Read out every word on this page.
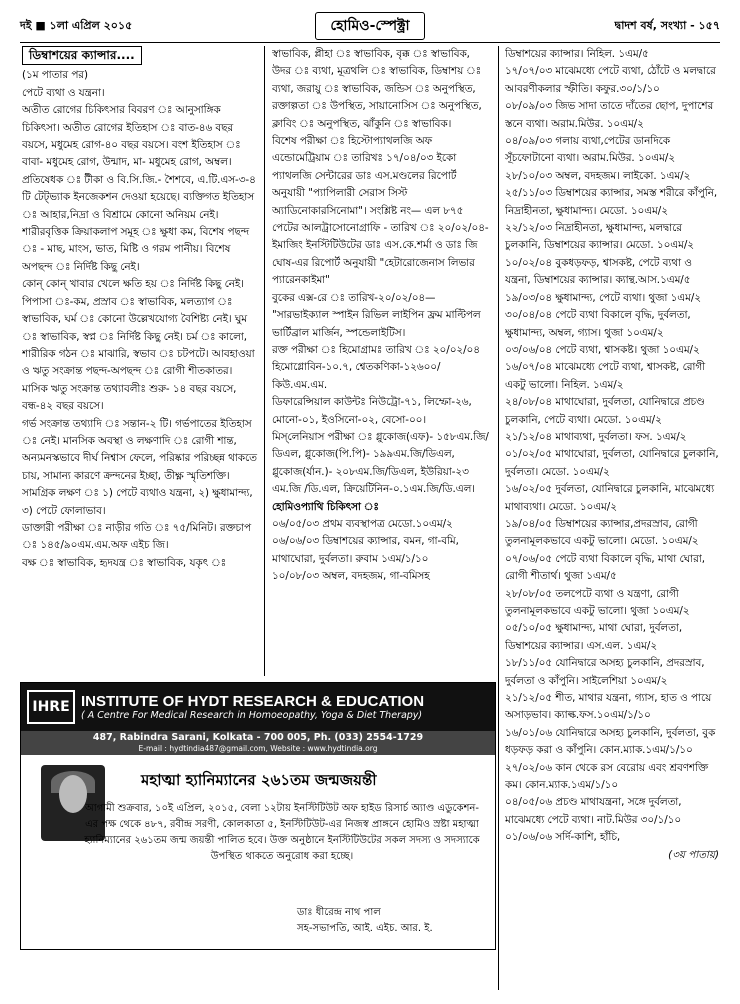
দই ■ ১লা এপ্রিল ২০১৫	হোমিও-স্পেক্ট্রা	দ্বাদশ বর্ষ, সংখ্যা - ১৫৭
ডিম্বাশয়ের ক্যান্সার....

(১ম পাতার পর)

পেটে ব্যথা ও যন্ত্রনা।

অতীত রোগের চিকিৎসার বিবরণ ঃ আনুসাঙ্গিক চিকিৎসা। অতীত রোগের ইতিহাস ঃ বাত-৪৬ বছর বয়সে, মধুমেহ রোগ-৪০ বছর বয়সে। বংশ ইতিহাস ঃ বাবা- মধুমেহ রোগ, উন্মাদ, মা- মধুমেহ রোগ, অম্বল। প্রতিষেধক ঃ টীকা ও বি.সি.জি.- শৈশবে, এ.টি.এস-৩-৪ টি টেট্ভ্যাক ইনজেকশন দেওয়া হয়েছে। ব্যক্তিগত ইতিহাস ঃ আহার,নিদ্রা ও বিশ্রামে কোনো অনিয়ম নেই। শারীরবৃত্তিক ক্রিয়াকলাপ সমূহ ঃ ক্ষুধা কম, বিশেষ পছন্দ ঃ - মাছ, মাংস, ভাত, মিষ্টি ও গরম পানীয়। বিশেষ অপছন্দ ঃ নির্দিষ্ট কিছু নেই।

কোন্ কোন্ খাবার খেলে ক্ষতি হয় ঃ নির্দিষ্ট কিছু নেই। পিপাসা ঃ-কম, প্রস্রাব ঃ স্বাভাবিক, মলত্যাগ ঃ স্বাভাবিক, ঘর্ম ঃ কোনো উল্লেখযোগ্য বৈশিষ্ট্য নেই। ঘুম ঃ স্বাভাবিক, স্বপ্ন ঃ নির্দিষ্ট কিছু নেই। চর্ম ঃ কালো, শারীরিক গঠন ঃ মাঝারি, স্বভাব ঃ চটপটে। আবহাওয়া ও ঋতু সংক্রান্ত পছন্দ-অপছন্দ ঃ রোগী শীতকাতর। মাসিক ঋতু সংক্রান্ত তথ্যাবলীঃ শুরু- ১৪ বছর বয়সে, বন্ধ-৪২ বছর বয়সে।

গর্ভ সংক্রান্ত তথ্যাদি ঃ সন্তান-২ টি। গর্ভপাতের ইতিহাস ঃ নেই। মানসিক অবস্থা ও লক্ষণাদি ঃ রোগী শান্ত, অন্যমনস্কভাবে দীর্ঘ নিশ্বাস ফেলে, পরিষ্কার পরিচ্ছন্ন থাকতে চায়, সামান্য কারণে ক্রন্দনের ইচ্ছা, তীক্ষ্ণ স্মৃতিশক্তি।

সামগ্রিক লক্ষণ ঃ ১) পেটে ব্যথাও যন্ত্রনা, ২) ক্ষুধামান্দ্য, ৩) পেটে ফোলাভাব।

ডাক্তারী পরীক্ষা ঃ নাড়ীর গতি ঃ ৭৫/মিনিট। রক্তচাপ ঃ ১৪৫/৯০এম.এম.অফ এইচ জি।

বক্ষ ঃ স্বাভাবিক, হৃদযন্ত্র ঃ স্বাভাবিক, যকৃৎ ঃ

স্বাভাবিক, প্লীহা ঃ স্বাভাবিক, বৃক্ক ঃ স্বাভাবিক, উদর ঃ ব্যথা, মূত্রথলি ঃ স্বাভাবিক, ডিম্বাশয় ঃ ব্যথা, জরায়ু ঃ স্বাভাবিক, জন্ডিস ঃ অনুপস্থিত, রক্তাল্পতা ঃ উপস্থিত, সায়ানোসিস ঃ অনুপস্থিত, ক্লাবিং ঃ অনুপস্থিত, ঝাঁকুনি ঃ স্বাভাবিক।

বিশেষ পরীক্ষা ঃ হিস্টোপ্যাথলজি অফ এন্ডোমেট্রিয়াম ঃ তারিখঃ ১৭/০৪/০৩ ইকো প্যাথলজি সেন্টারের ডাঃ এস.মণ্ডলের রিপোর্ট অনুযায়ী "প্যাপিলারী সেরাস সিস্ট অ্যাডিনোকারসিনোমা"। সংশ্লিষ্ট নং— এল ৮৭৫

পেটের আলট্রাসোনোগ্রাফি - তারিখ ঃ ২০/০২/০৪- ইমাজিং ইনস্টিটিউটের ডাঃ এস.কে.শর্মা ও ডাঃ জি ঘোষ-এর রিপোর্ট অনুযায়ী "হেটারোজেনাস লিভার প্যারেনকাইমা"

বুকের এক্স-রে ঃ তারিখ-২০/০২/০৪— "সারভাইক্যাল স্পাইন রিভিল লাইপিন ফ্রম মাল্টিপল ভার্টিব্রাল মার্জিন, স্পন্ডেলাইটিস।

রক্ত পরীক্ষা ঃ হিমোগ্রামঃ তারিখ ঃ ২০/০২/০৪ হিমোগ্লোবিন-১০.৭, শ্বেতকণিকা-১২৬০০/ কিউ.এম.এম.

ডিফারেন্সিয়াল কাউন্টঃ নিউট্রো-৭১, লিম্ফো-২৬, মোনো-০১, ইওসিনো-০২, বেসো-০০।

মিস্‌লেনিয়াস পরীক্ষা ঃ গ্লুকোজ(এফ)- ১৫৮এম.জি/ডিএল, গ্লুকোজ(পি.পি)- ১৯৯এম.জি/ডিএল, গ্লুকোজ(র্যান.)- ২০৮এম.জি/ডিএল, ইউরিয়া-২৩ এম.জি /ডি.এল, ক্রিয়েটিনিন-০.১এম.জি/ডি.এল।

হোমিওপ্যাথি চিকিৎসা ঃ

০৬/০৫/০৩ প্রথম ব্যবস্থাপত্র মেডো.১০এম/২

০৬/০৬/০৩ ডিম্বাশয়ের ক্যান্সার, বমন, গা-বমি, মাথাঘোরা, দুর্বলতা। রুবাম ১এম/১/১০

১০/০৮/০৩ অম্বল, বদহজম, গা-বমিসহ

ডিম্বাশয়ের ক্যান্সার। নিহিল. ১এম/৫

১৭/০৭/০৩ মাঝেমধ্যে পেটে ব্যথা, ঠোঁটে ও মলদ্বারে আবরণীকলার স্ফীতি। কফুর.৩০/১/১০

০৮/০৯/০৩ জিভ সাদা তাতে দাঁতের ছোপ, দুপাশের স্তনে ব্যথা। অরাম.মিউর. ১০এম/২

০৪/০৯/০৩ গলায় ব্যথা,পেটের ডানদিকে সূঁচফোটানো ব্যথা। অরাম.মিউর. ১০এম/২

২৮/১০/০৩ অম্বল, বদহজম। লাইকো. ১এম/২

২৫/১১/০৩ ডিম্বাশয়ের ক্যান্সার, সমস্ত শরীরে কাঁপুনি, নিদ্রাহীনতা, ক্ষুধামান্দ্য। মেডো. ১০এম/২

২২/১২/০৩ নিদ্রাহীনতা, ক্ষুধামান্দ্য, মলদ্বারে চুলকানি, ডিম্বাশয়ের ক্যান্সার। মেডো. ১০এম/২

১০/০২/০৪ বুকধড়ফড়, শ্বাসকষ্ট, পেটে ব্যথা ও যন্ত্রনা, ডিম্বাশয়ের ক্যান্সার। ক্যান্থ.আস.১এম/৫

১৯/০৩/০৪ ক্ষুধামান্দ্য, পেটে ব্যথা। থুজা ১এম/২

৩০/০৪/০৪ পেটে ব্যথা বিকালে বৃদ্ধি, দুর্বলতা, ক্ষুধামান্দ্য, অম্বল, গ্যাস। থুজা ১০এম/২

০৩/০৬/০৪ পেটে ব্যথা, শ্বাসকষ্ট। থুজা ১০এম/২

১৬/০৭/০৪ মাঝেমধ্যে পেটে ব্যথা, শ্বাসকষ্ট, রোগী একটু ভালো। নিহিল. ১এম/২

২৪/০৮/০৪ মাথাঘোরা, দুর্বলতা, যোনিদ্বারে প্রচণ্ড চুলকানি, পেটে ব্যথা। মেডো. ১০এম/২

২১/১২/০৪ মাথাব্যথা, দুর্বলতা। ফস. ১এম/২

০১/০২/০৫ মাথাঘোরা, দুর্বলতা, যোনিদ্বারে চুলকানি, দুর্বলতা। মেডো. ১০এম/২

১৬/০২/০৫ দুর্বলতা, যোনিদ্বারে চুলকানি, মাঝেমধ্যে মাথাব্যথা। মেডো. ১০এম/২

১৯/০৪/০৫ ডিম্বাশয়ের ক্যান্সার,প্রদরস্রাব, রোগী তুলনামূলকভাবে একটু ভালো। মেডো. ১০এম/২

০৭/০৬/০৫ পেটে ব্যথা বিকালে বৃদ্ধি, মাথা ঘোরা, রোগী শীতার্থ। থুজা ১এম/৫

২৮/০৮/০৫ তলপেটে ব্যথা ও যন্ত্রণা, রোগী তুলনামূলকভাবে একটু ভালো। থুজা ১০এম/২

০৫/১০/০৫ ক্ষুধামান্দ্য, মাথা ঘোরা, দুর্বলতা, ডিম্বাশয়ের ক্যান্সার। এস.এল. ১এম/২

১৮/১১/০৫ যোনিদ্বারে অসহ্য চুলকানি, প্রদরস্রাব, দুর্বলতা ও কাঁপুনি। সাইলেশিয়া ১০এম/২

২১/১২/০৫ শীত, মাথার যন্ত্রনা, গ্যাস, হাত ও পায়ে অসাড়ভাব। ক্যাল্ক.ফস.১০এম/১/১০

১৬/০১/০৬ যোনিদ্বারে অসহ্য চুলকানি, দুর্বলতা, বুক ধড়ফড় করা ও কাঁপুনি। কোন.ম্যাক.১এম/১/১০

২৭/০২/০৬ কান থেকে রস বেরোয় এবং শ্রবণশক্তি কম। কোন.ম্যাক.১এম/১/১০

০৪/০৫/০৬ প্রচণ্ড মাথাযন্ত্রনা, সঙ্গে দুর্বলতা, মাঝেমধ্যে পেটে ব্যথা। নাট.মিউর ৩০/১/১০

০১/০৬/০৬ সর্দি-কাশি, হাঁচি,

(৩য় পাতায়)

IHRE INSTITUTE OF HYDT RESEARCH & EDUCATION
( A Centre For Medical Research in Homoeopathy, Yoga & Diet Therapy)
487, Rabindra Sarani, Kolkata - 700 005, Ph. (033) 2554-1729
E-mail : hydtindia487@gmail.com, Website : www.hydtindia.org
মহাত্মা হ্যানিম্যানের ২৬১তম জন্মজয়ন্তী
আগামী শুক্রবার, ১০ই এপ্রিল, ২০১৫, বেলা ১২টায় ইনস্টিটিউট অফ হাইড রিসার্চ অ্যাণ্ড এডুকেশন-এর পক্ষ থেকে ৪৮৭, রবীন্দ্র সরণী, কোলকাতা ৫, ইনস্টিটিউট-এর নিজস্ব প্রাঙ্গনে হোমিও স্রষ্টা মহাত্মা হ্যানিম্যানের ২৬১তম জন্ম জয়ন্তী পালিত হবে। উক্ত অনুষ্ঠানে ইনস্টিটিউটের সকল সদস্য ও সদস্যাকে উপস্থিত থাকতে অনুরোধ করা হচ্ছে।
ডাঃ ধীরেন্দ্র নাথ পাল
সহ-সভাপতি, আই. এইচ. আর. ই.
